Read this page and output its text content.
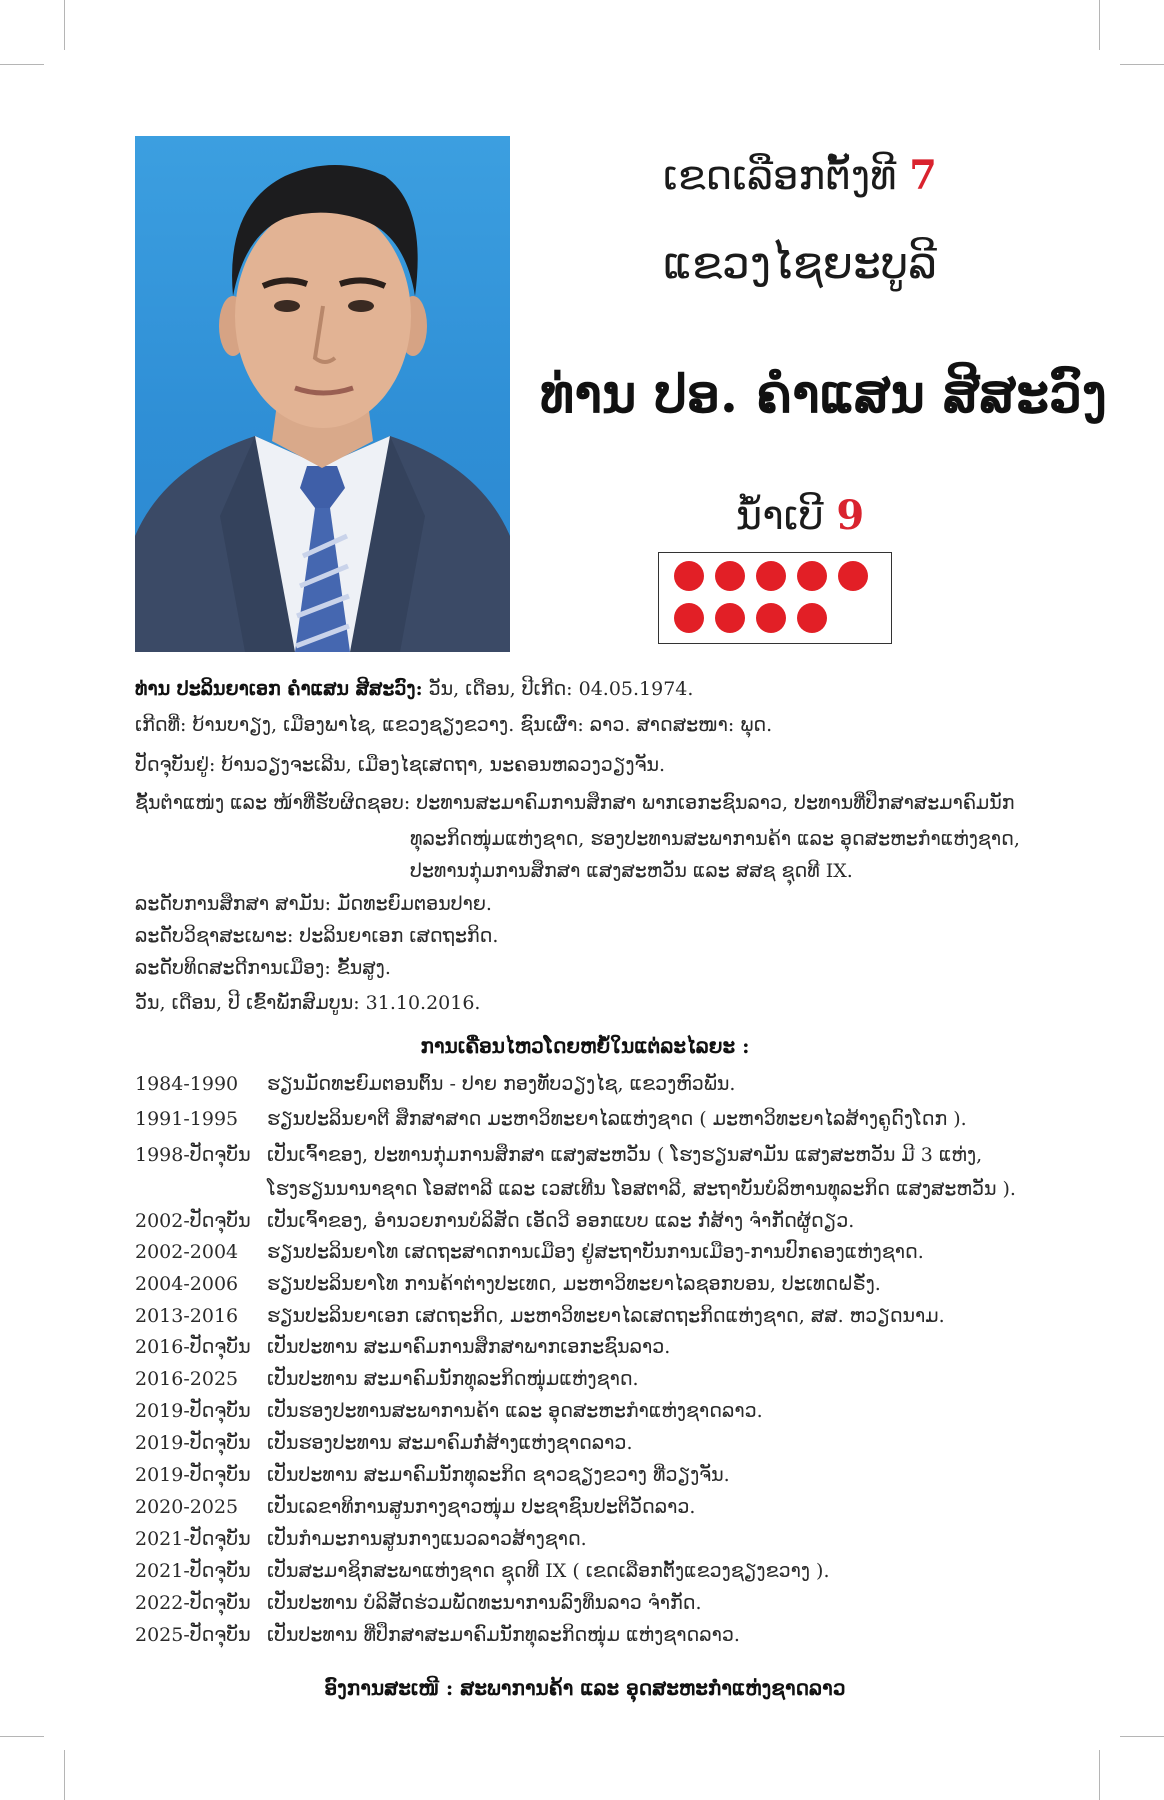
ເຂດເລືອກຕັ້ງທີ 7
ແຂວງໄຊຍະບູລີ
ທ່ານ ປອ. ຄຳແສນ ສີສະວົງ
ນ້ຳເບີ 9
ທ່ານ ປະລິນຍາເອກ ຄຳແສນ ສີສະວົງ: ວັນ, ເດືອນ, ປີເກີດ: 04.05.1974.
ເກີດທີ່: ບ້ານບາຽງ, ເມືອງພາໄຊ, ແຂວງຊຽງຂວາງ. ຊົນເຜົ່າ: ລາວ. ສາດສະໜາ: ພຸດ.
ປັດຈຸບັນຢູ່: ບ້ານວຽງຈະເລີນ, ເມືອງໄຊເສດຖາ, ນະຄອນຫລວງວຽງຈັນ.
ຊັ້ນຕຳແໜ່ງ ແລະ ໜ້າທີ່ຮັບຜິດຊອບ: ປະທານສະມາຄົມການສຶກສາ ພາກເອກະຊົນລາວ, ປະທານທີ່ປຶກສາສະມາຄົມນັກ
ທຸລະກິດໜຸ່ມແຫ່ງຊາດ, ຮອງປະທານສະພາການຄ້າ ແລະ ອຸດສະຫະກຳແຫ່ງຊາດ,
ປະທານກຸ່ມການສຶກສາ ແສງສະຫວັນ ແລະ ສສຊ ຊຸດທີ IX.
ລະດັບການສຶກສາ ສາມັນ: ມັດທະຍົມຕອນປາຍ.
ລະດັບວິຊາສະເພາະ: ປະລິນຍາເອກ ເສດຖະກິດ.
ລະດັບທິດສະດີການເມືອງ: ຂັ້ນສູງ.
ວັນ, ເດືອນ, ປີ ເຂົ້າພັກສົມບູນ: 31.10.2016.
ການເຄື່ອນໄຫວໂດຍຫຍໍ້ໃນແຕ່ລະໄລຍະ :
1984-1990 ຮຽນມັດທະຍົມຕອນຕົ້ນ - ປາຍ ກອງທັບວຽງໄຊ, ແຂວງຫົວພັນ.
1991-1995 ຮຽນປະລິນຍາຕີ ສຶກສາສາດ ມະຫາວິທະຍາໄລແຫ່ງຊາດ ( ມະຫາວິທະຍາໄລສ້າງຄູດົງໂດກ ).
1998-ປັດຈຸບັນ ເປັນເຈົ້າຂອງ, ປະທານກຸ່ມການສຶກສາ ແສງສະຫວັນ ( ໂຮງຮຽນສາມັນ ແສງສະຫວັນ ມີ 3 ແຫ່ງ,
ໂຮງຮຽນນານາຊາດ ໂອສຕາລີ ແລະ ເວສເທີນ ໂອສຕາລີ, ສະຖາບັນບໍລິຫານທຸລະກິດ ແສງສະຫວັນ ).
2002-ປັດຈຸບັນ ເປັນເຈົ້າຂອງ, ອຳນວຍການບໍລິສັດ ເອັດວີ ອອກແບບ ແລະ ກໍ່ສ້າງ ຈຳກັດຜູ້ດຽວ.
2002-2004 ຮຽນປະລິນຍາໂທ ເສດຖະສາດການເມືອງ ຢູ່ສະຖາບັນການເມືອງ-ການປົກຄອງແຫ່ງຊາດ.
2004-2006 ຮຽນປະລິນຍາໂທ ການຄ້າຕ່າງປະເທດ, ມະຫາວິທະຍາໄລຊອກບອນ, ປະເທດຝຣັ່ງ.
2013-2016 ຮຽນປະລິນຍາເອກ ເສດຖະກິດ, ມະຫາວິທະຍາໄລເສດຖະກິດແຫ່ງຊາດ, ສສ. ຫວຽດນາມ.
2016-ປັດຈຸບັນ ເປັນປະທານ ສະມາຄົມການສຶກສາພາກເອກະຊົນລາວ.
2016-2025 ເປັນປະທານ ສະມາຄົມນັກທຸລະກິດໜຸ່ມແຫ່ງຊາດ.
2019-ປັດຈຸບັນ ເປັນຮອງປະທານສະພາການຄ້າ ແລະ ອຸດສະຫະກຳແຫ່ງຊາດລາວ.
2019-ປັດຈຸບັນ ເປັນຮອງປະທານ ສະມາຄົມກໍ່ສ້າງແຫ່ງຊາດລາວ.
2019-ປັດຈຸບັນ ເປັນປະທານ ສະມາຄົມນັກທຸລະກິດ ຊາວຊຽງຂວາງ ທີ່ວຽງຈັນ.
2020-2025 ເປັນເລຂາທິການສູນກາງຊາວໜຸ່ມ ປະຊາຊົນປະຕິວັດລາວ.
2021-ປັດຈຸບັນ ເປັນກຳມະການສູນກາງແນວລາວສ້າງຊາດ.
2021-ປັດຈຸບັນ ເປັນສະມາຊິກສະພາແຫ່ງຊາດ ຊຸດທີ IX ( ເຂດເລືອກຕັ້ງແຂວງຊຽງຂວາງ ).
2022-ປັດຈຸບັນ ເປັນປະທານ ບໍລິສັດຮ່ວມພັດທະນາການລົງທຶນລາວ ຈຳກັດ.
2025-ປັດຈຸບັນ ເປັນປະທານ ທີ່ປຶກສາສະມາຄົມນັກທຸລະກິດໜຸ່ມ ແຫ່ງຊາດລາວ.
ອົງການສະເໜີ : ສະພາການຄ້າ ແລະ ອຸດສະຫະກຳແຫ່ງຊາດລາວ
